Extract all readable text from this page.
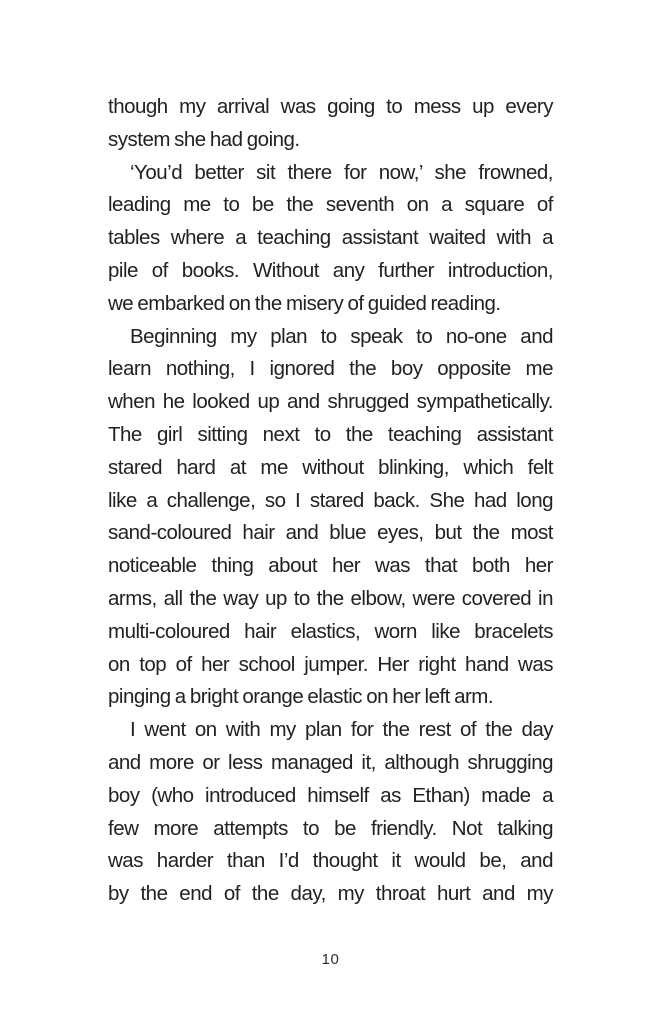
though my arrival was going to mess up every
system she had going.

‘You’d better sit there for now,’ she frowned,
leading me to be the seventh on a square of
tables where a teaching assistant waited with a
pile of books. Without any further introduction,
we embarked on the misery of guided reading.

Beginning my plan to speak to no-one and
learn nothing, I ignored the boy opposite me
when he looked up and shrugged sympathetically.
The girl sitting next to the teaching assistant
stared hard at me without blinking, which felt
like a challenge, so I stared back. She had long
sand-coloured hair and blue eyes, but the most
noticeable thing about her was that both her
arms, all the way up to the elbow, were covered in
multi-coloured hair elastics, worn like bracelets
on top of her school jumper. Her right hand was
pinging a bright orange elastic on her left arm.

I went on with my plan for the rest of the day
and more or less managed it, although shrugging
boy (who introduced himself as Ethan) made a
few more attempts to be friendly. Not talking
was harder than I’d thought it would be, and
by the end of the day, my throat hurt and my

10
